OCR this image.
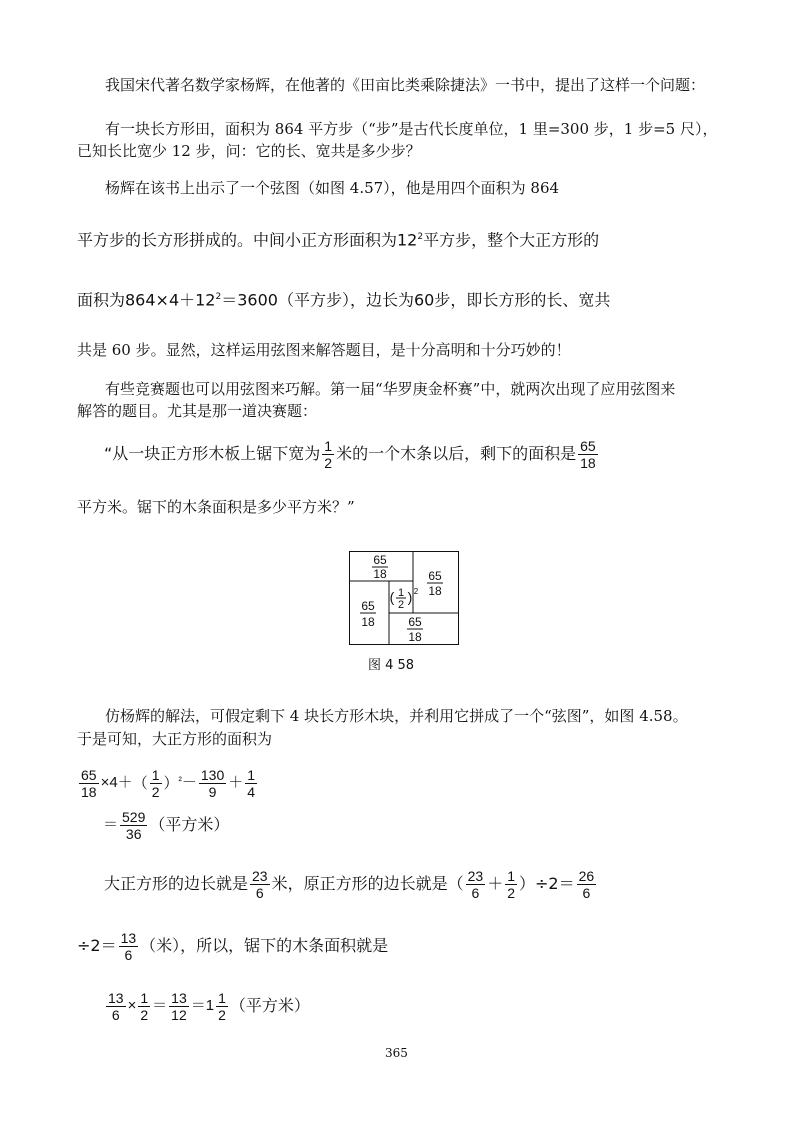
我国宋代著名数学家杨辉，在他著的《田亩比类乘除捷法》一书中，提出了这样一个问题：
有一块长方形田，面积为 864 平方步（“步”是古代长度单位，1 里=300 步，1 步=5 尺），
已知长比宽少 12 步，问：它的长、宽共是多少步？
杨辉在该书上出示了一个弦图（如图 4.57），他是用四个面积为 864
平方步的长方形拼成的。中间小正方形面积为$12^2$平方步，整个大正方形的
面积为$864\times 4+12^2=3600$（平方步），边长为60步，即长方形的长、宽共
共是 60 步。显然，这样运用弦图来解答题目，是十分高明和十分巧妙的！
有些竞赛题也可以用弦图来巧解。第一届“华罗庚金杯赛”中，就两次出现了应用弦图来
解答的题目。尤其是那一道决赛题：
“从一块正方形木板上锯下宽为 $\frac{1}{2}$ 米的一个木条以后，剩下的面积是 $\frac{65}{18}$
平方米。锯下的木条面积是多少平方米？”
65
18	65
18
65
18	65
18
( 1
2 ) 2
图 4 58
仿杨辉的解法，可假定剩下 4 块长方形木块，并利用它拼成了一个“弦图”，如图 4.58。
于是可知，大正方形的面积为
$\frac{65}{18} \times 4+( \frac{1}{2} )^{^2}- \frac{130}{9} + \frac{1}{4}$
＝ $\frac{529}{36}$ （平方米）
大正方形的边长就是 $\frac{23}{6}$ 米，原正方形的边长就是（ $\frac{23}{6} + \frac{1}{2} )\div 2= \frac{26}{6}$
$\div 2= \frac{13}{6}$ （米），所以，锯下的木条面积就是
$\frac{13}{6} \times \frac{1}{2} = \frac{13}{12} =1 \frac{1}{2}$ （平方米）
365
